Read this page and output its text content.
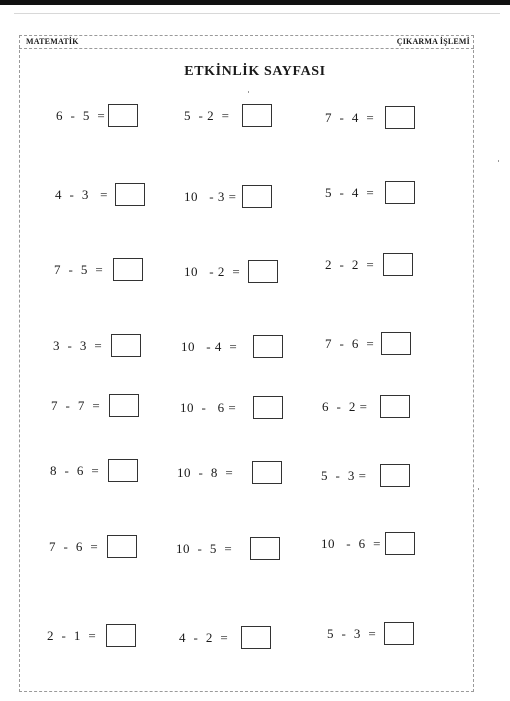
MATEMATİK	ÇIKARMA İŞLEMİ
ETKİNLİK SAYFASI
6  -  5  =	5  - 2  =	7  -  4  =
4  -  3   =	10   - 3 =	5  -  4  =
7  -  5  =	10   - 2  =	2  -  2  =
3  -  3  =	10   - 4  =	7  -  6  =
7  -  7  =	10  -   6 =	6  -  2 =
8  -  6  =	10  -  8  =	5  -  3 =
7  -  6  =	10  -  5  =	10   -  6  =
2  -  1  =	4  -  2  =	5  -  3  =
